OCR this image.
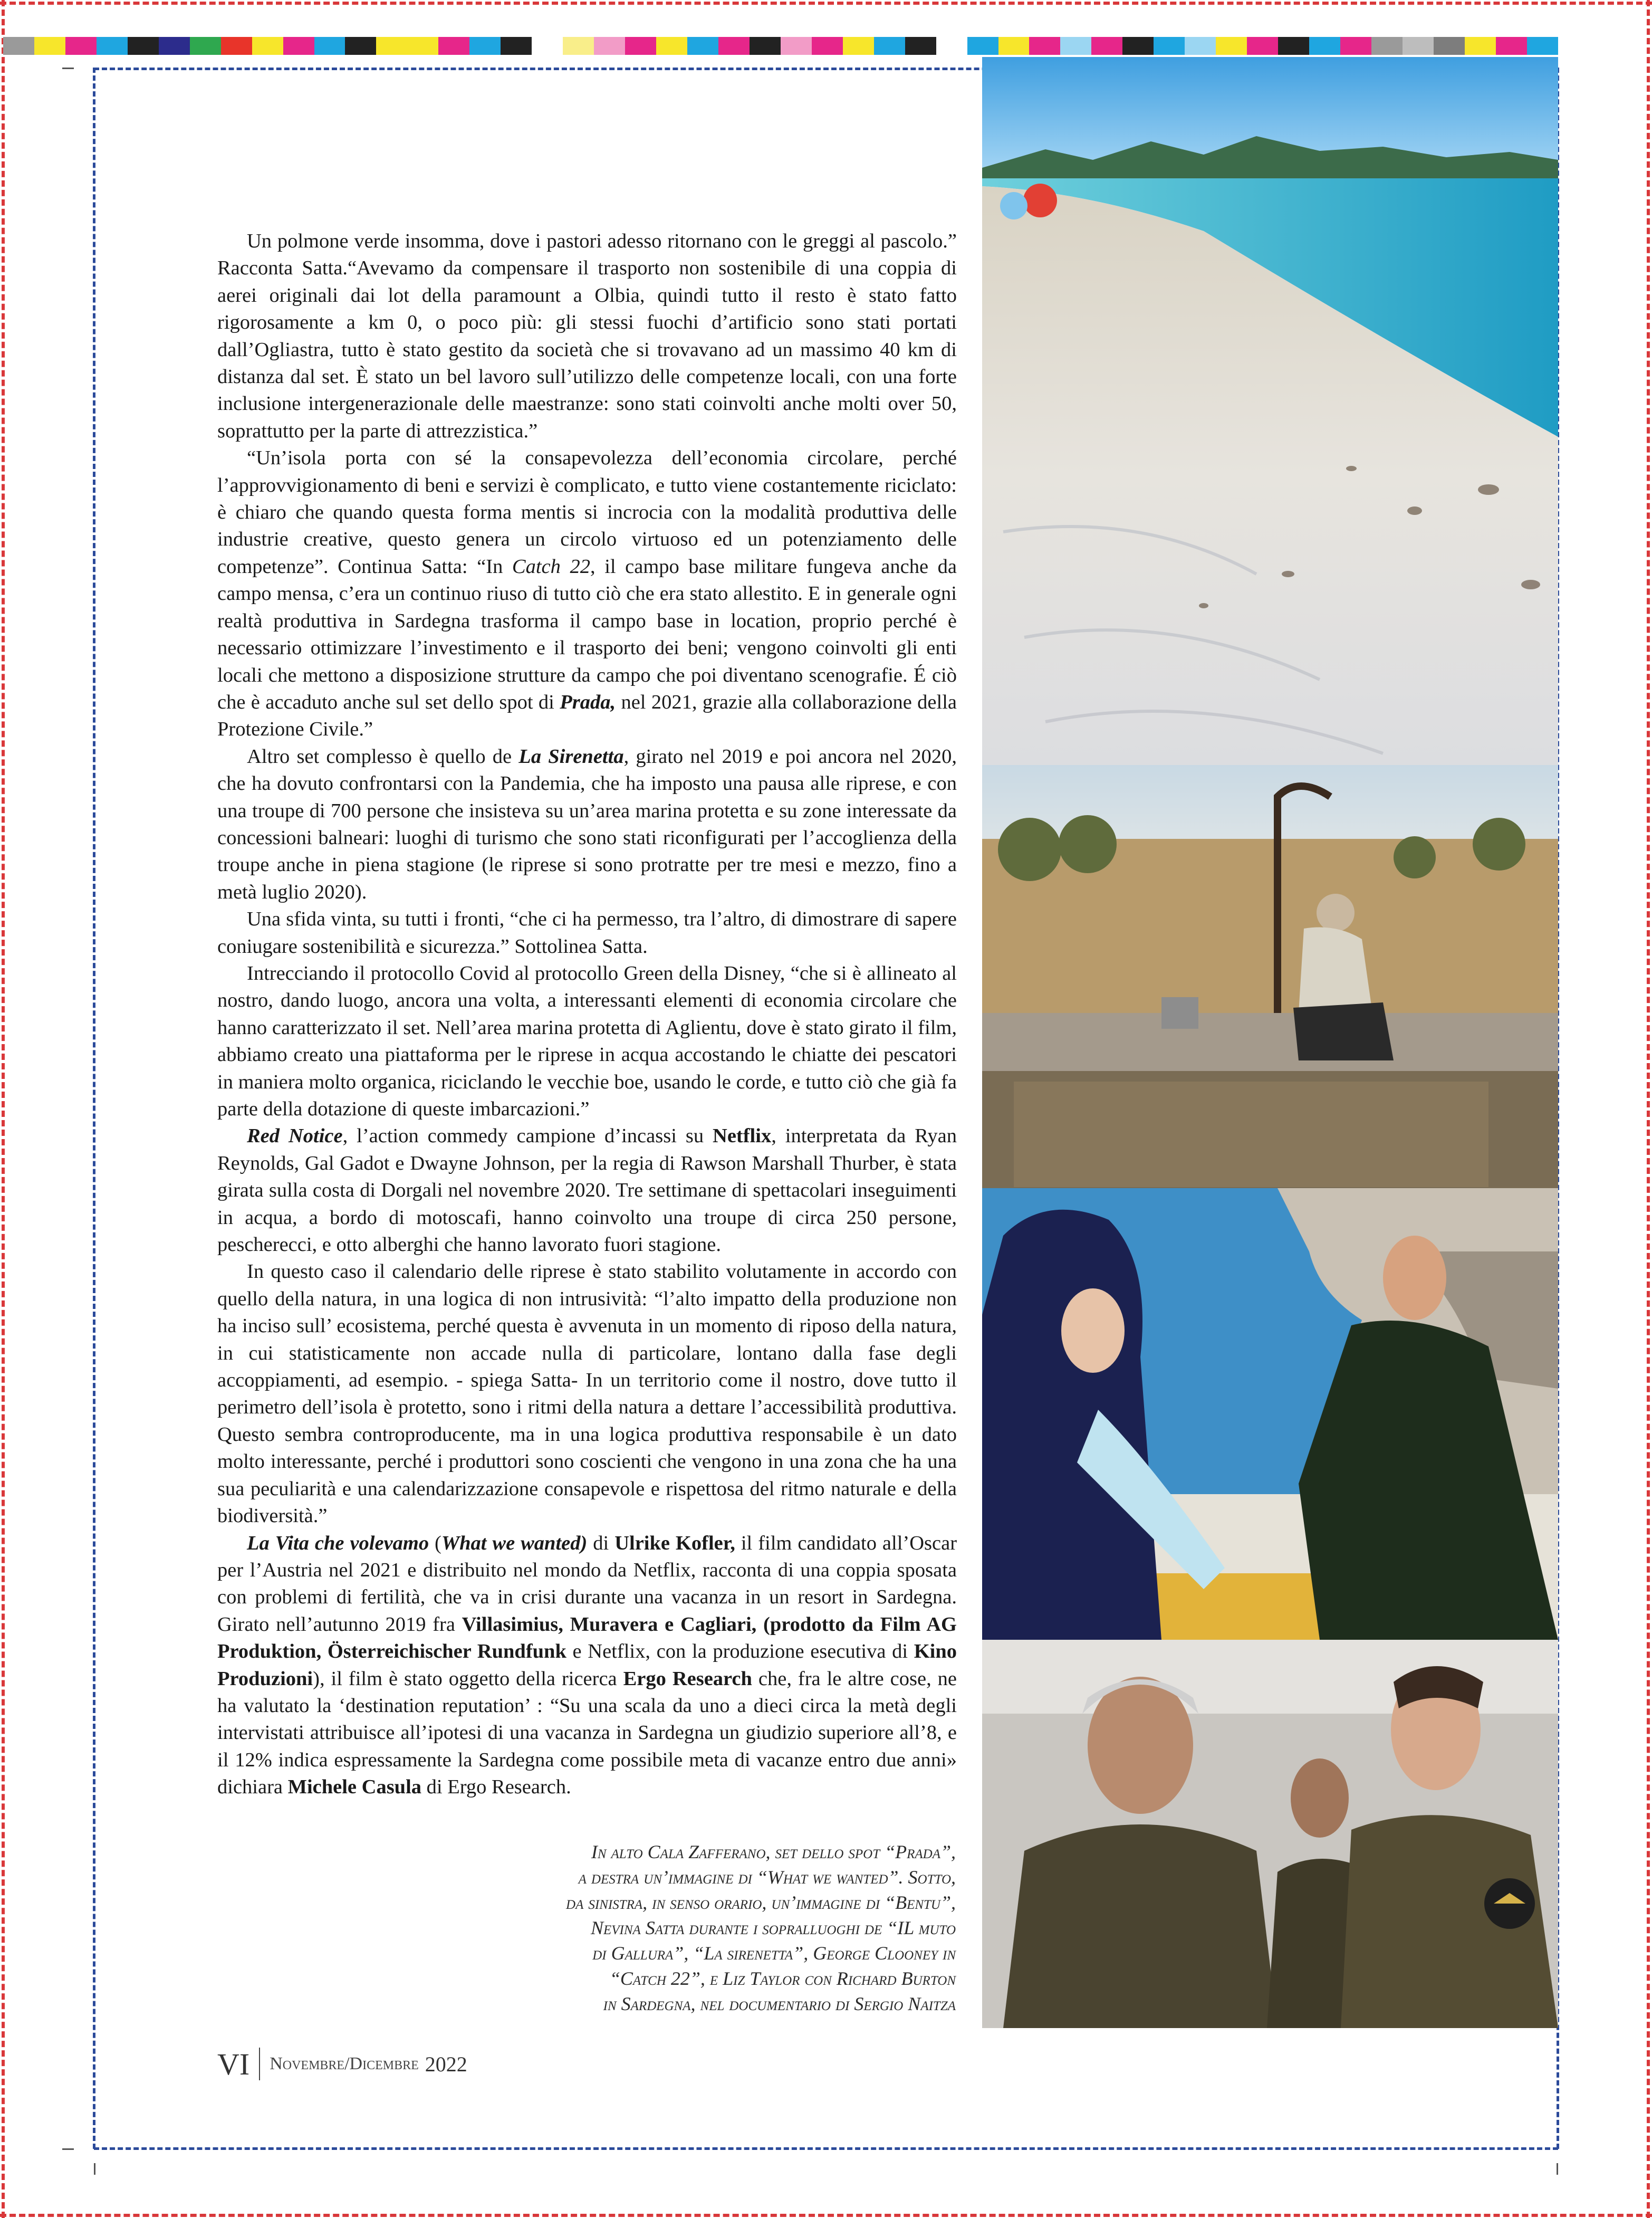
Un polmone verde insomma, dove i pastori adesso ritornano con le greggi al pascolo.” Racconta Satta.“Avevamo da compensare il trasporto non sostenibile di una coppia di aerei originali dai lot della paramount a Olbia, quindi tutto il resto è stato fatto rigorosamente a km 0, o poco più: gli stessi fuochi d’artificio sono stati portati dall’Ogliastra, tutto è stato gestito da società che si trovavano ad un massimo 40 km di distanza dal set. È stato un bel lavoro sull’utilizzo delle competenze locali, con una forte inclusione intergenerazionale delle maestranze: sono stati coinvolti anche molti over 50, soprattutto per la parte di attrezzistica.”

“Un’isola porta con sé la consapevolezza dell’economia circolare, perché l’approvvigionamento di beni e servizi è complicato, e tutto viene costantemente riciclato: è chiaro che quando questa forma mentis si incrocia con la modalità produttiva delle industrie creative, questo genera un circolo virtuoso ed un potenziamento delle competenze”. Continua Satta: “In Catch 22, il campo base militare fungeva anche da campo mensa, c’era un continuo riuso di tutto ciò che era stato allestito. E in generale ogni realtà produttiva in Sardegna trasforma il campo base in location, proprio perché è necessario ottimizzare l’investimento e il trasporto dei beni; vengono coinvolti gli enti locali che mettono a disposizione strutture da campo che poi diventano scenografie. É ciò che è accaduto anche sul set dello spot di Prada, nel 2021, grazie alla collaborazione della Protezione Civile.”

Altro set complesso è quello de La Sirenetta, girato nel 2019 e poi ancora nel 2020, che ha dovuto confrontarsi con la Pandemia, che ha imposto una pausa alle riprese, e con una troupe di 700 persone che insisteva su un’area marina protetta e su zone interessate da concessioni balneari: luoghi di turismo che sono stati riconfigurati per l’accoglienza della troupe anche in piena stagione (le riprese si sono protratte per tre mesi e mezzo, fino a metà luglio 2020).

Una sfida vinta, su tutti i fronti, “che ci ha permesso, tra l’altro, di dimostrare di sapere coniugare sostenibilità e sicurezza.” Sottolinea Satta.

Intrecciando il protocollo Covid al protocollo Green della Disney, “che si è allineato al nostro, dando luogo, ancora una volta, a interessanti elementi di economia circolare che hanno caratterizzato il set. Nell’area marina protetta di Aglientu, dove è stato girato il film, abbiamo creato una piattaforma per le riprese in acqua accostando le chiatte dei pescatori in maniera molto organica, riciclando le vecchie boe, usando le corde, e tutto ciò che già fa parte della dotazione di queste imbarcazioni.”

Red Notice, l’action commedy campione d’incassi su Netflix, interpretata da Ryan Reynolds, Gal Gadot e Dwayne Johnson, per la regia di Rawson Marshall Thurber, è stata girata sulla costa di Dorgali nel novembre 2020. Tre settimane di spettacolari inseguimenti in acqua, a bordo di motoscafi, hanno coinvolto una troupe di circa 250 persone, pescherecci, e otto alberghi che hanno lavorato fuori stagione.

In questo caso il calendario delle riprese è stato stabilito volutamente in accordo con quello della natura, in una logica di non intrusività: “l’alto impatto della produzione non ha inciso sull’ ecosistema, perché questa è avvenuta in un momento di riposo della natura, in cui statisticamente non accade nulla di particolare, lontano dalla fase degli accoppiamenti, ad esempio. - spiega Satta- In un territorio come il nostro, dove tutto il perimetro dell’isola è protetto, sono i ritmi della natura a dettare l’accessibilità produttiva. Questo sembra controproducente, ma in una logica produttiva responsabile è un dato molto interessante, perché i produttori sono coscienti che vengono in una zona che ha una sua peculiarità e una calendarizzazione consapevole e rispettosa del ritmo naturale e della biodiversità.”

La Vita che volevamo (What we wanted) di Ulrike Kofler, il film candidato all’Oscar per l’Austria nel 2021 e distribuito nel mondo da Netflix, racconta di una coppia sposata con problemi di fertilità, che va in crisi durante una vacanza in un resort in Sardegna. Girato nell’autunno 2019 fra Villasimius, Muravera e Cagliari, (prodotto da Film AG Produktion, Österreichischer Rundfunk e Netflix, con la produzione esecutiva di Kino Produzioni), il film è stato oggetto della ricerca Ergo Research che, fra le altre cose, ne ha valutato la ‘destination reputation’ : “Su una scala da uno a dieci circa la metà degli intervistati attribuisce all’ipotesi di una vacanza in Sardegna un giudizio superiore all’8, e il 12% indica espressamente la Sardegna come possibile meta di vacanze entro due anni» dichiara Michele Casula di Ergo Research.

In alto Cala Zafferano, set dello spot “Prada”,
a destra un’immagine di “What we wanted”. Sotto,
da sinistra, in senso orario, un’immagine di “Bentu”,
Nevina Satta durante i sopralluoghi de “IL muto
di Gallura”, “La sirenetta”, George Clooney in
“Catch 22”, e Liz Taylor con Richard Burton
in Sardegna, nel documentario di Sergio Naitza
VI	Novembre/Dicembre 2022
